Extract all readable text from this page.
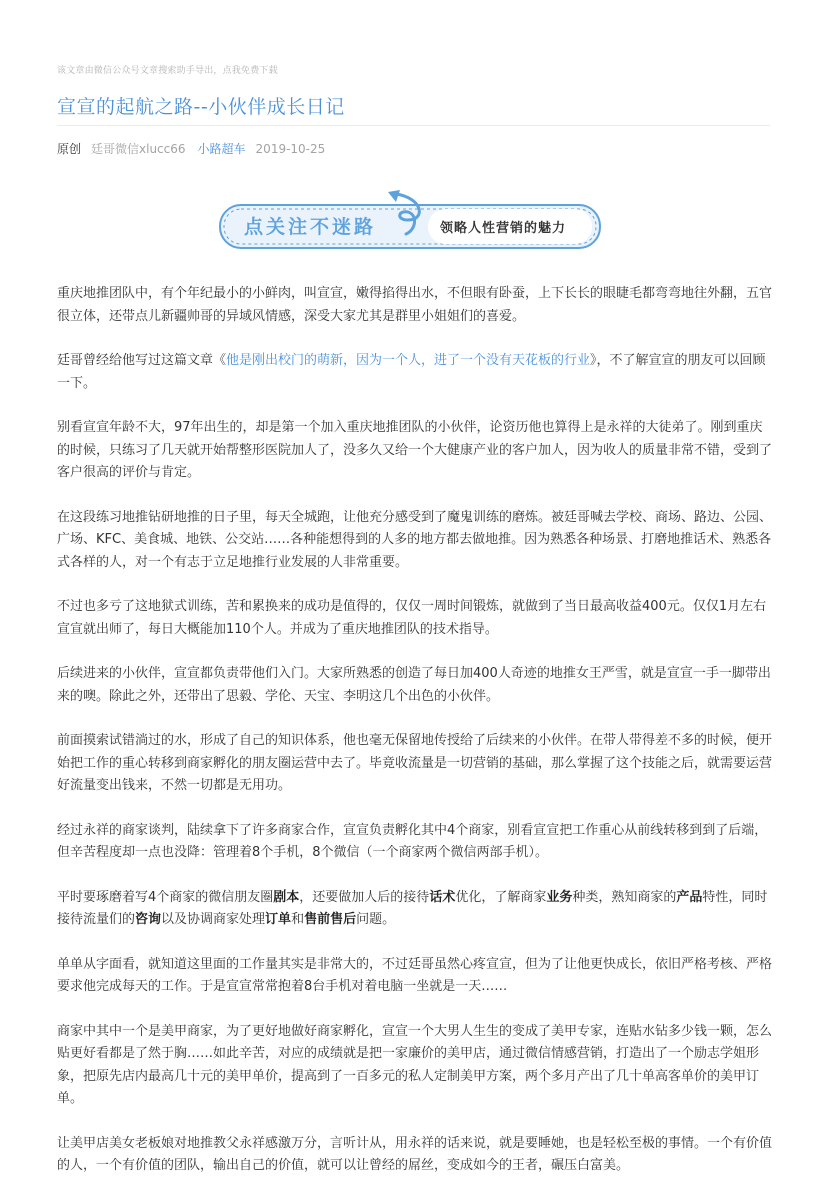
该文章由微信公众号文章搜索助手导出，点我免费下载
宣宣的起航之路--小伙伴成长日记
原创 廷哥微信xlucc66 小路超车 2019-10-25
点关注不迷路	领略人性营销的魅力

重庆地推团队中，有个年纪最小的小鲜肉，叫宣宣，嫩得掐得出水，不但眼有卧蚕，上下长长的眼睫毛都弯弯地往外翻，五官很立体，还带点儿新疆帅哥的异域风情感，深受大家尤其是群里小姐姐们的喜爱。

廷哥曾经给他写过这篇文章《他是刚出校门的萌新，因为一个人，进了一个没有天花板的行业》，不了解宣宣的朋友可以回顾一下。

别看宣宣年龄不大，97年出生的，却是第一个加入重庆地推团队的小伙伴，论资历他也算得上是永祥的大徒弟了。刚到重庆的时候，只练习了几天就开始帮整形医院加人了，没多久又给一个大健康产业的客户加人，因为收人的质量非常不错，受到了客户很高的评价与肯定。

在这段练习地推钻研地推的日子里，每天全城跑，让他充分感受到了魔鬼训练的磨炼。被廷哥喊去学校、商场、路边、公园、广场、KFC、美食城、地铁、公交站……各种能想得到的人多的地方都去做地推。因为熟悉各种场景、打磨地推话术、熟悉各式各样的人，对一个有志于立足地推行业发展的人非常重要。

不过也多亏了这地狱式训练，苦和累换来的成功是值得的，仅仅一周时间锻炼，就做到了当日最高收益400元。仅仅1月左右宣宣就出师了，每日大概能加110个人。并成为了重庆地推团队的技术指导。

后续进来的小伙伴，宣宣都负责带他们入门。大家所熟悉的创造了每日加400人奇迹的地推女王严雪，就是宣宣一手一脚带出来的噢。除此之外，还带出了思毅、学伦、天宝、李明这几个出色的小伙伴。

前面摸索试错淌过的水，形成了自己的知识体系，他也毫无保留地传授给了后续来的小伙伴。在带人带得差不多的时候，便开始把工作的重心转移到商家孵化的朋友圈运营中去了。毕竟收流量是一切营销的基础，那么掌握了这个技能之后，就需要运营好流量变出钱来，不然一切都是无用功。

经过永祥的商家谈判，陆续拿下了许多商家合作，宣宣负责孵化其中4个商家，别看宣宣把工作重心从前线转移到到了后端，但辛苦程度却一点也没降：管理着8个手机，8个微信（一个商家两个微信两部手机）。

平时要琢磨着写4个商家的微信朋友圈剧本，还要做加人后的接待话术优化，了解商家业务种类，熟知商家的产品特性，同时接待流量们的咨询以及协调商家处理订单和售前售后问题。

单单从字面看，就知道这里面的工作量其实是非常大的，不过廷哥虽然心疼宣宣，但为了让他更快成长，依旧严格考核、严格要求他完成每天的工作。于是宣宣常常抱着8台手机对着电脑一坐就是一天……

商家中其中一个是美甲商家，为了更好地做好商家孵化，宣宣一个大男人生生的变成了美甲专家，连贴水钻多少钱一颗，怎么贴更好看都是了然于胸……如此辛苦，对应的成绩就是把一家廉价的美甲店，通过微信情感营销，打造出了一个励志学姐形象，把原先店内最高几十元的美甲单价，提高到了一百多元的私人定制美甲方案，两个多月产出了几十单高客单价的美甲订单。

让美甲店美女老板娘对地推教父永祥感激万分，言听计从，用永祥的话来说，就是要睡她，也是轻松至极的事情。一个有价值的人，一个有价值的团队，输出自己的价值，就可以让曾经的屌丝，变成如今的王者，碾压白富美。
